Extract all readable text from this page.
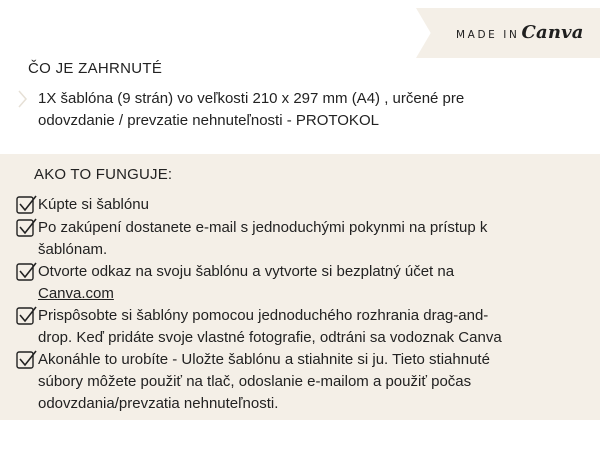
MADE IN Canva
ČO JE ZAHRNUTÉ
1X šablóna (9 strán) vo veľkosti 210 x 297 mm (A4) , určené pre
odovzdanie / prevzatie nehnuteľnosti - PROTOKOL
AKO TO FUNGUJE:
Kúpte si šablónu
Po zakúpení dostanete e-mail s jednoduchými pokynmi na prístup k
šablónam.
Otvorte odkaz na svoju šablónu a vytvorte si bezplatný účet na
Canva.com
Prispôsobte si šablóny pomocou jednoduchého rozhrania drag-and-
drop. Keď pridáte svoje vlastné fotografie, odtráni sa vodoznak Canva
Akonáhle to urobíte - Uložte šablónu a stiahnite si ju. Tieto stiahnuté
súbory môžete použiť na tlač, odoslanie e-mailom a použiť počas
odovzdania/prevzatia nehnuteľnosti.
